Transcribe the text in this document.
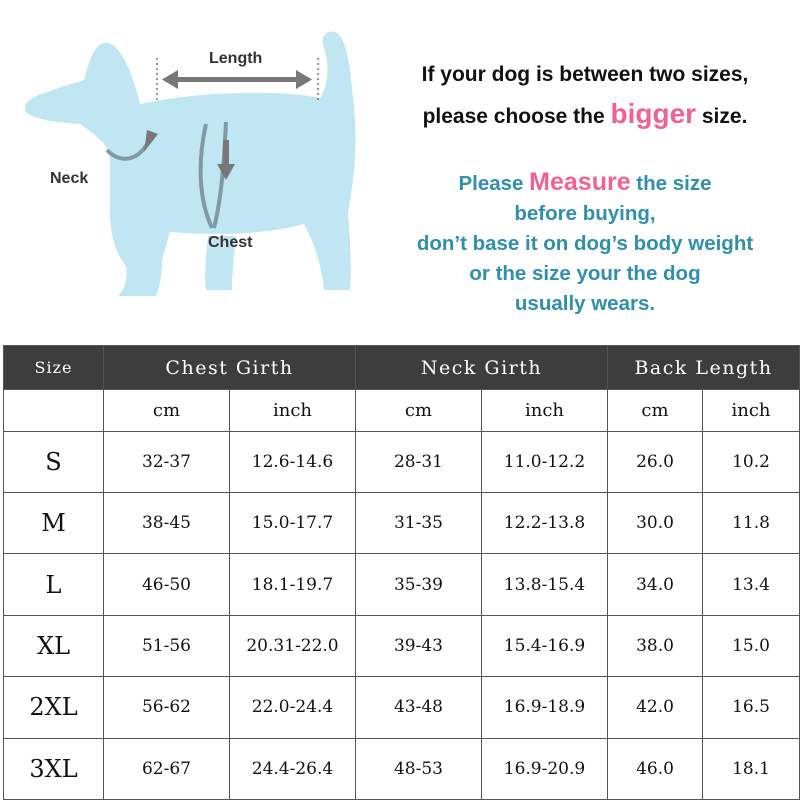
Length
Neck
Chest
If your dog is between two sizes,
please choose the bigger size.
Please Measure the size
before buying,
don’t base it on dog’s body weight
or the size your the dog
usually wears.
Size	Chest Girth		Neck Girth		Back Length	
	cm	inch	cm	inch	cm	inch
S	32-37	12.6-14.6	28-31	11.0-12.2	26.0	10.2
M	38-45	15.0-17.7	31-35	12.2-13.8	30.0	11.8
L	46-50	18.1-19.7	35-39	13.8-15.4	34.0	13.4
XL	51-56	20.31-22.0	39-43	15.4-16.9	38.0	15.0
2XL	56-62	22.0-24.4	43-48	16.9-18.9	42.0	16.5
3XL	62-67	24.4-26.4	48-53	16.9-20.9	46.0	18.1
